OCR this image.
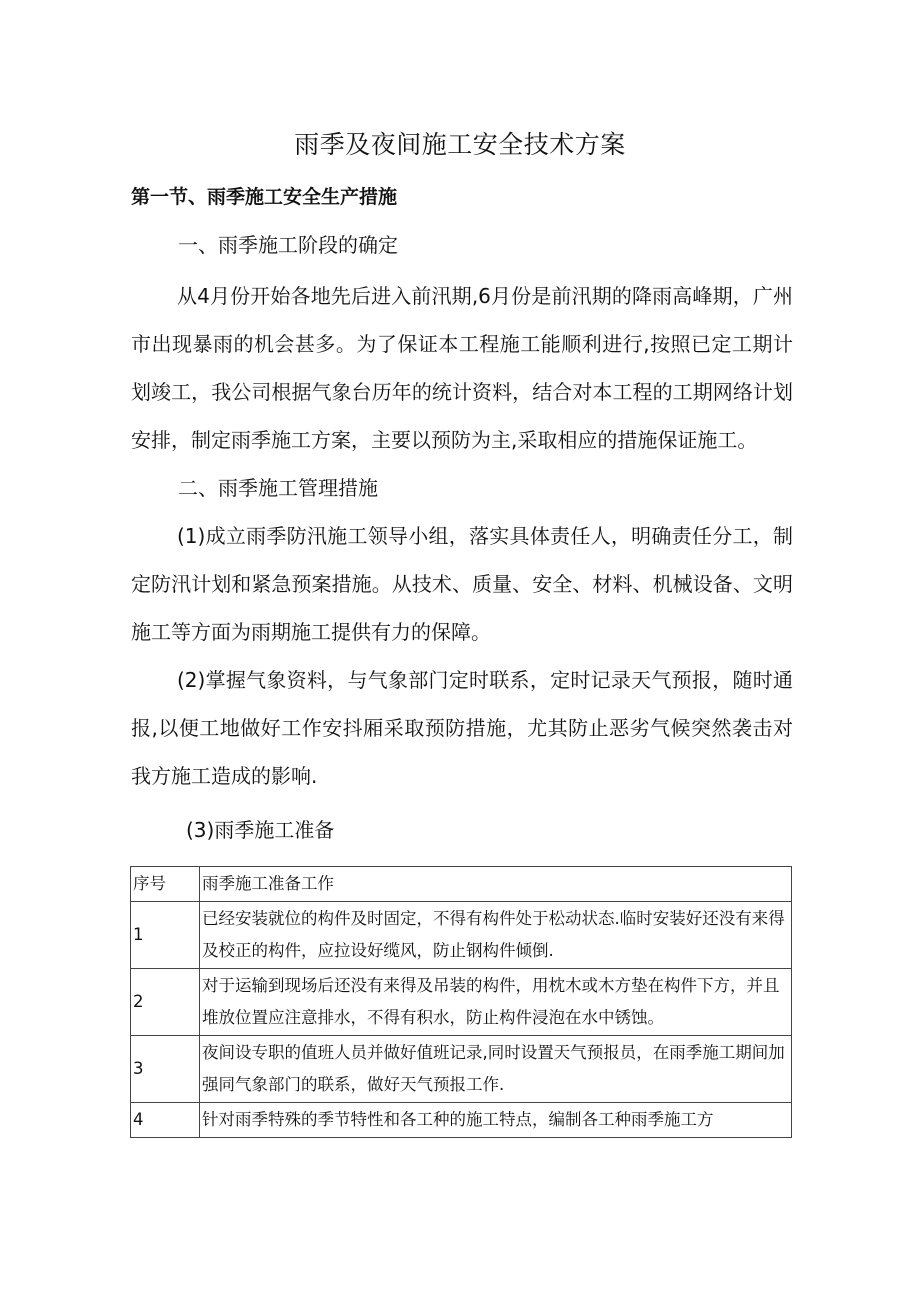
雨季及夜间施工安全技术方案
第一节、雨季施工安全生产措施
一、雨季施工阶段的确定

从4月份开始各地先后进入前汛期,6月份是前汛期的降雨高峰期，广州市出现暴雨的机会甚多。为了保证本工程施工能顺利进行,按照已定工期计划竣工，我公司根据气象台历年的统计资料，结合对本工程的工期网络计划安排，制定雨季施工方案，主要以预防为主,采取相应的措施保证施工。

二、雨季施工管理措施

(1)成立雨季防汛施工领导小组，落实具体责任人，明确责任分工，制定防汛计划和紧急预案措施。从技术、质量、安全、材料、机械设备、文明施工等方面为雨期施工提供有力的保障。

(2)掌握气象资料，与气象部门定时联系，定时记录天气预报，随时通报,以便工地做好工作安抖厢采取预防措施，尤其防止恶劣气候突然袭击对我方施工造成的影响.

(3)雨季施工准备
序号	雨季施工准备工作
1	已经安装就位的构件及时固定，不得有构件处于松动状态.临时安装好还没有来得及校正的构件，应拉设好缆风，防止钢构件倾倒.
2	对于运输到现场后还没有来得及吊装的构件，用枕木或木方垫在构件下方，并且堆放位置应注意排水，不得有积水，防止构件浸泡在水中锈蚀。
3	夜间设专职的值班人员并做好值班记录,同时设置天气预报员，在雨季施工期间加强同气象部门的联系，做好天气预报工作.
4	针对雨季特殊的季节特性和各工种的施工特点，编制各工种雨季施工方
